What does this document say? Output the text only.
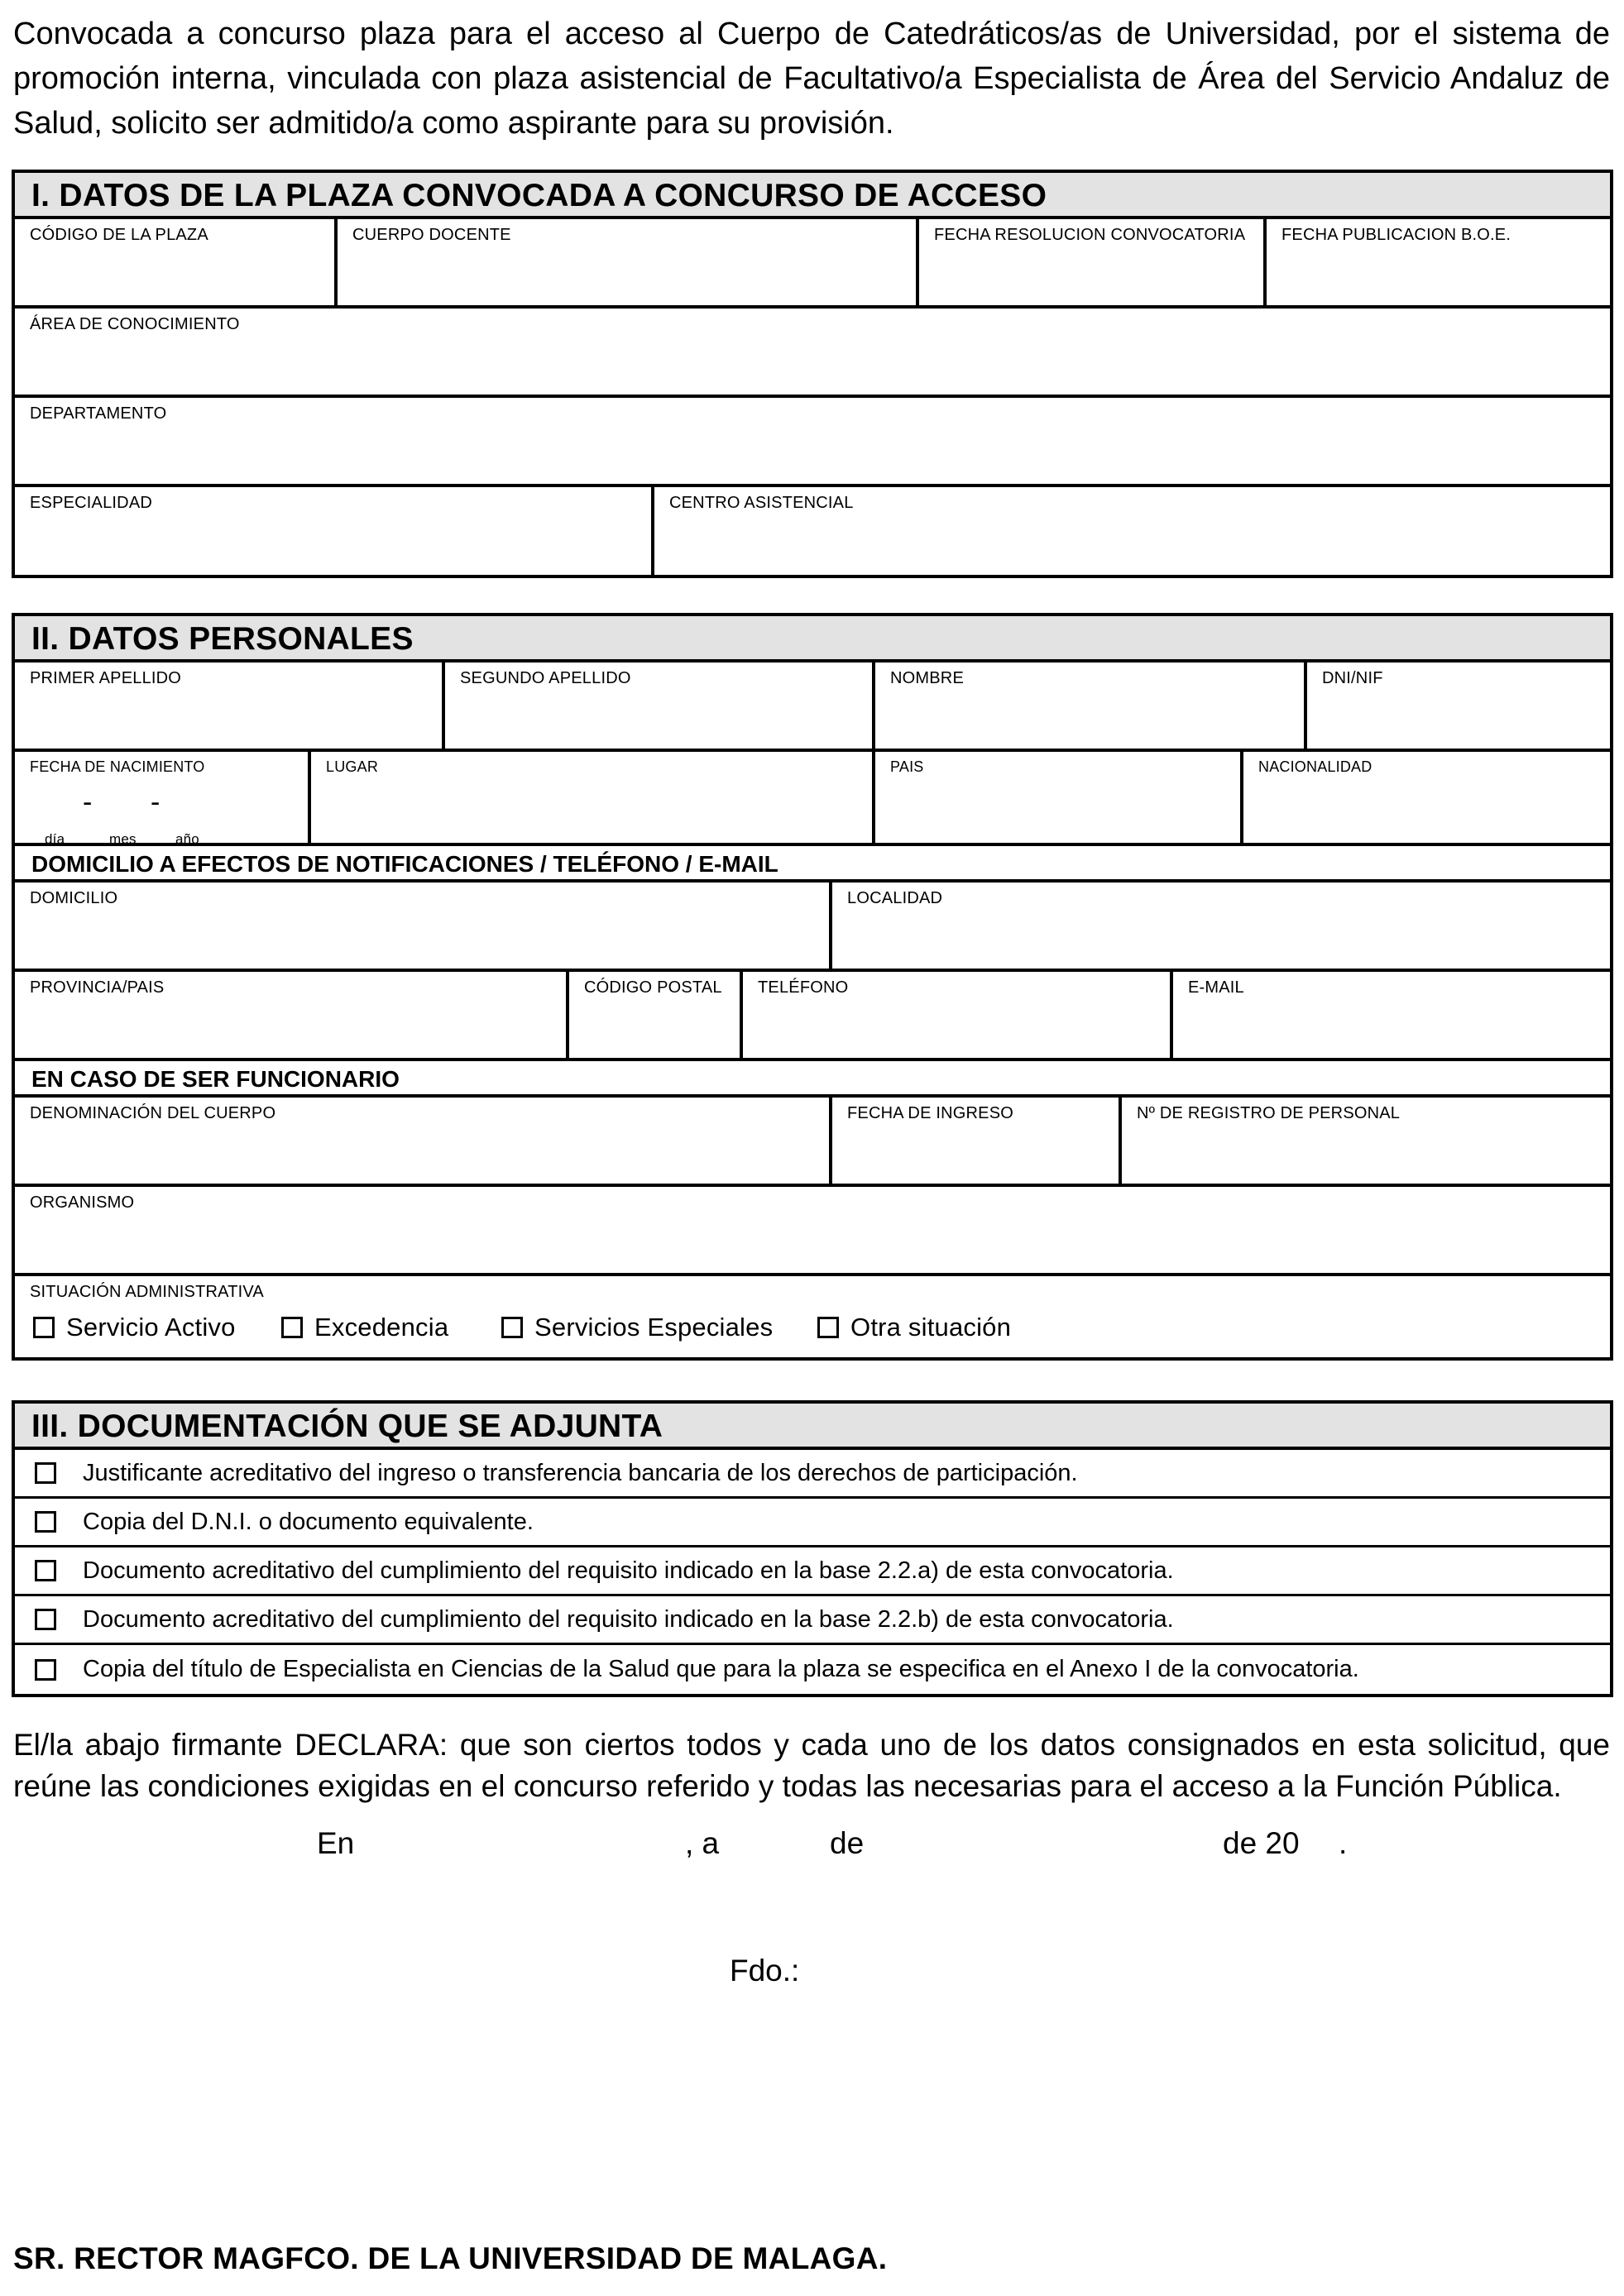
Convocada a concurso plaza para el acceso al Cuerpo de Catedráticos/as de Universidad, por el sistema de promoción interna, vinculada con plaza asistencial de Facultativo/a Especialista de Área del Servicio Andaluz de Salud, solicito ser admitido/a como aspirante para su provisión.
I. DATOS DE LA PLAZA CONVOCADA A CONCURSO DE ACCESO
CÓDIGO DE LA PLAZA	CUERPO DOCENTE	FECHA RESOLUCION CONVOCATORIA	FECHA PUBLICACION B.O.E.
ÁREA DE CONOCIMIENTO
DEPARTAMENTO
ESPECIALIDAD	CENTRO ASISTENCIAL
II. DATOS PERSONALES
PRIMER APELLIDO	SEGUNDO APELLIDO	NOMBRE	DNI/NIF
FECHA DE NACIMIENTO
- -
día	mes	año
LUGAR	PAIS	NACIONALIDAD
DOMICILIO A EFECTOS DE NOTIFICACIONES / TELÉFONO / E-MAIL
DOMICILIO	LOCALIDAD
PROVINCIA/PAIS	CÓDIGO POSTAL	TELÉFONO	E-MAIL
EN CASO DE SER FUNCIONARIO
DENOMINACIÓN DEL CUERPO	FECHA DE INGRESO	Nº DE REGISTRO DE PERSONAL
ORGANISMO
SITUACIÓN ADMINISTRATIVA
Servicio Activo	Excedencia	Servicios Especiales	Otra situación
III. DOCUMENTACIÓN QUE SE ADJUNTA
Justificante acreditativo del ingreso o transferencia bancaria de los derechos de participación.
Copia del D.N.I. o documento equivalente.
Documento acreditativo del cumplimiento del requisito indicado en la base 2.2.a) de esta convocatoria.
Documento acreditativo del cumplimiento del requisito indicado en la base 2.2.b) de esta convocatoria.
Copia del título de Especialista en Ciencias de la Salud que para la plaza se especifica en el Anexo I de la convocatoria.
El/la abajo firmante DECLARA: que son ciertos todos y cada uno de los datos consignados en esta solicitud, que reúne las condiciones exigidas en el concurso referido y todas las necesarias para el acceso a la Función Pública.
En	, a	de	de 20 .
Fdo.:
SR. RECTOR MAGFCO. DE LA UNIVERSIDAD DE MALAGA.
